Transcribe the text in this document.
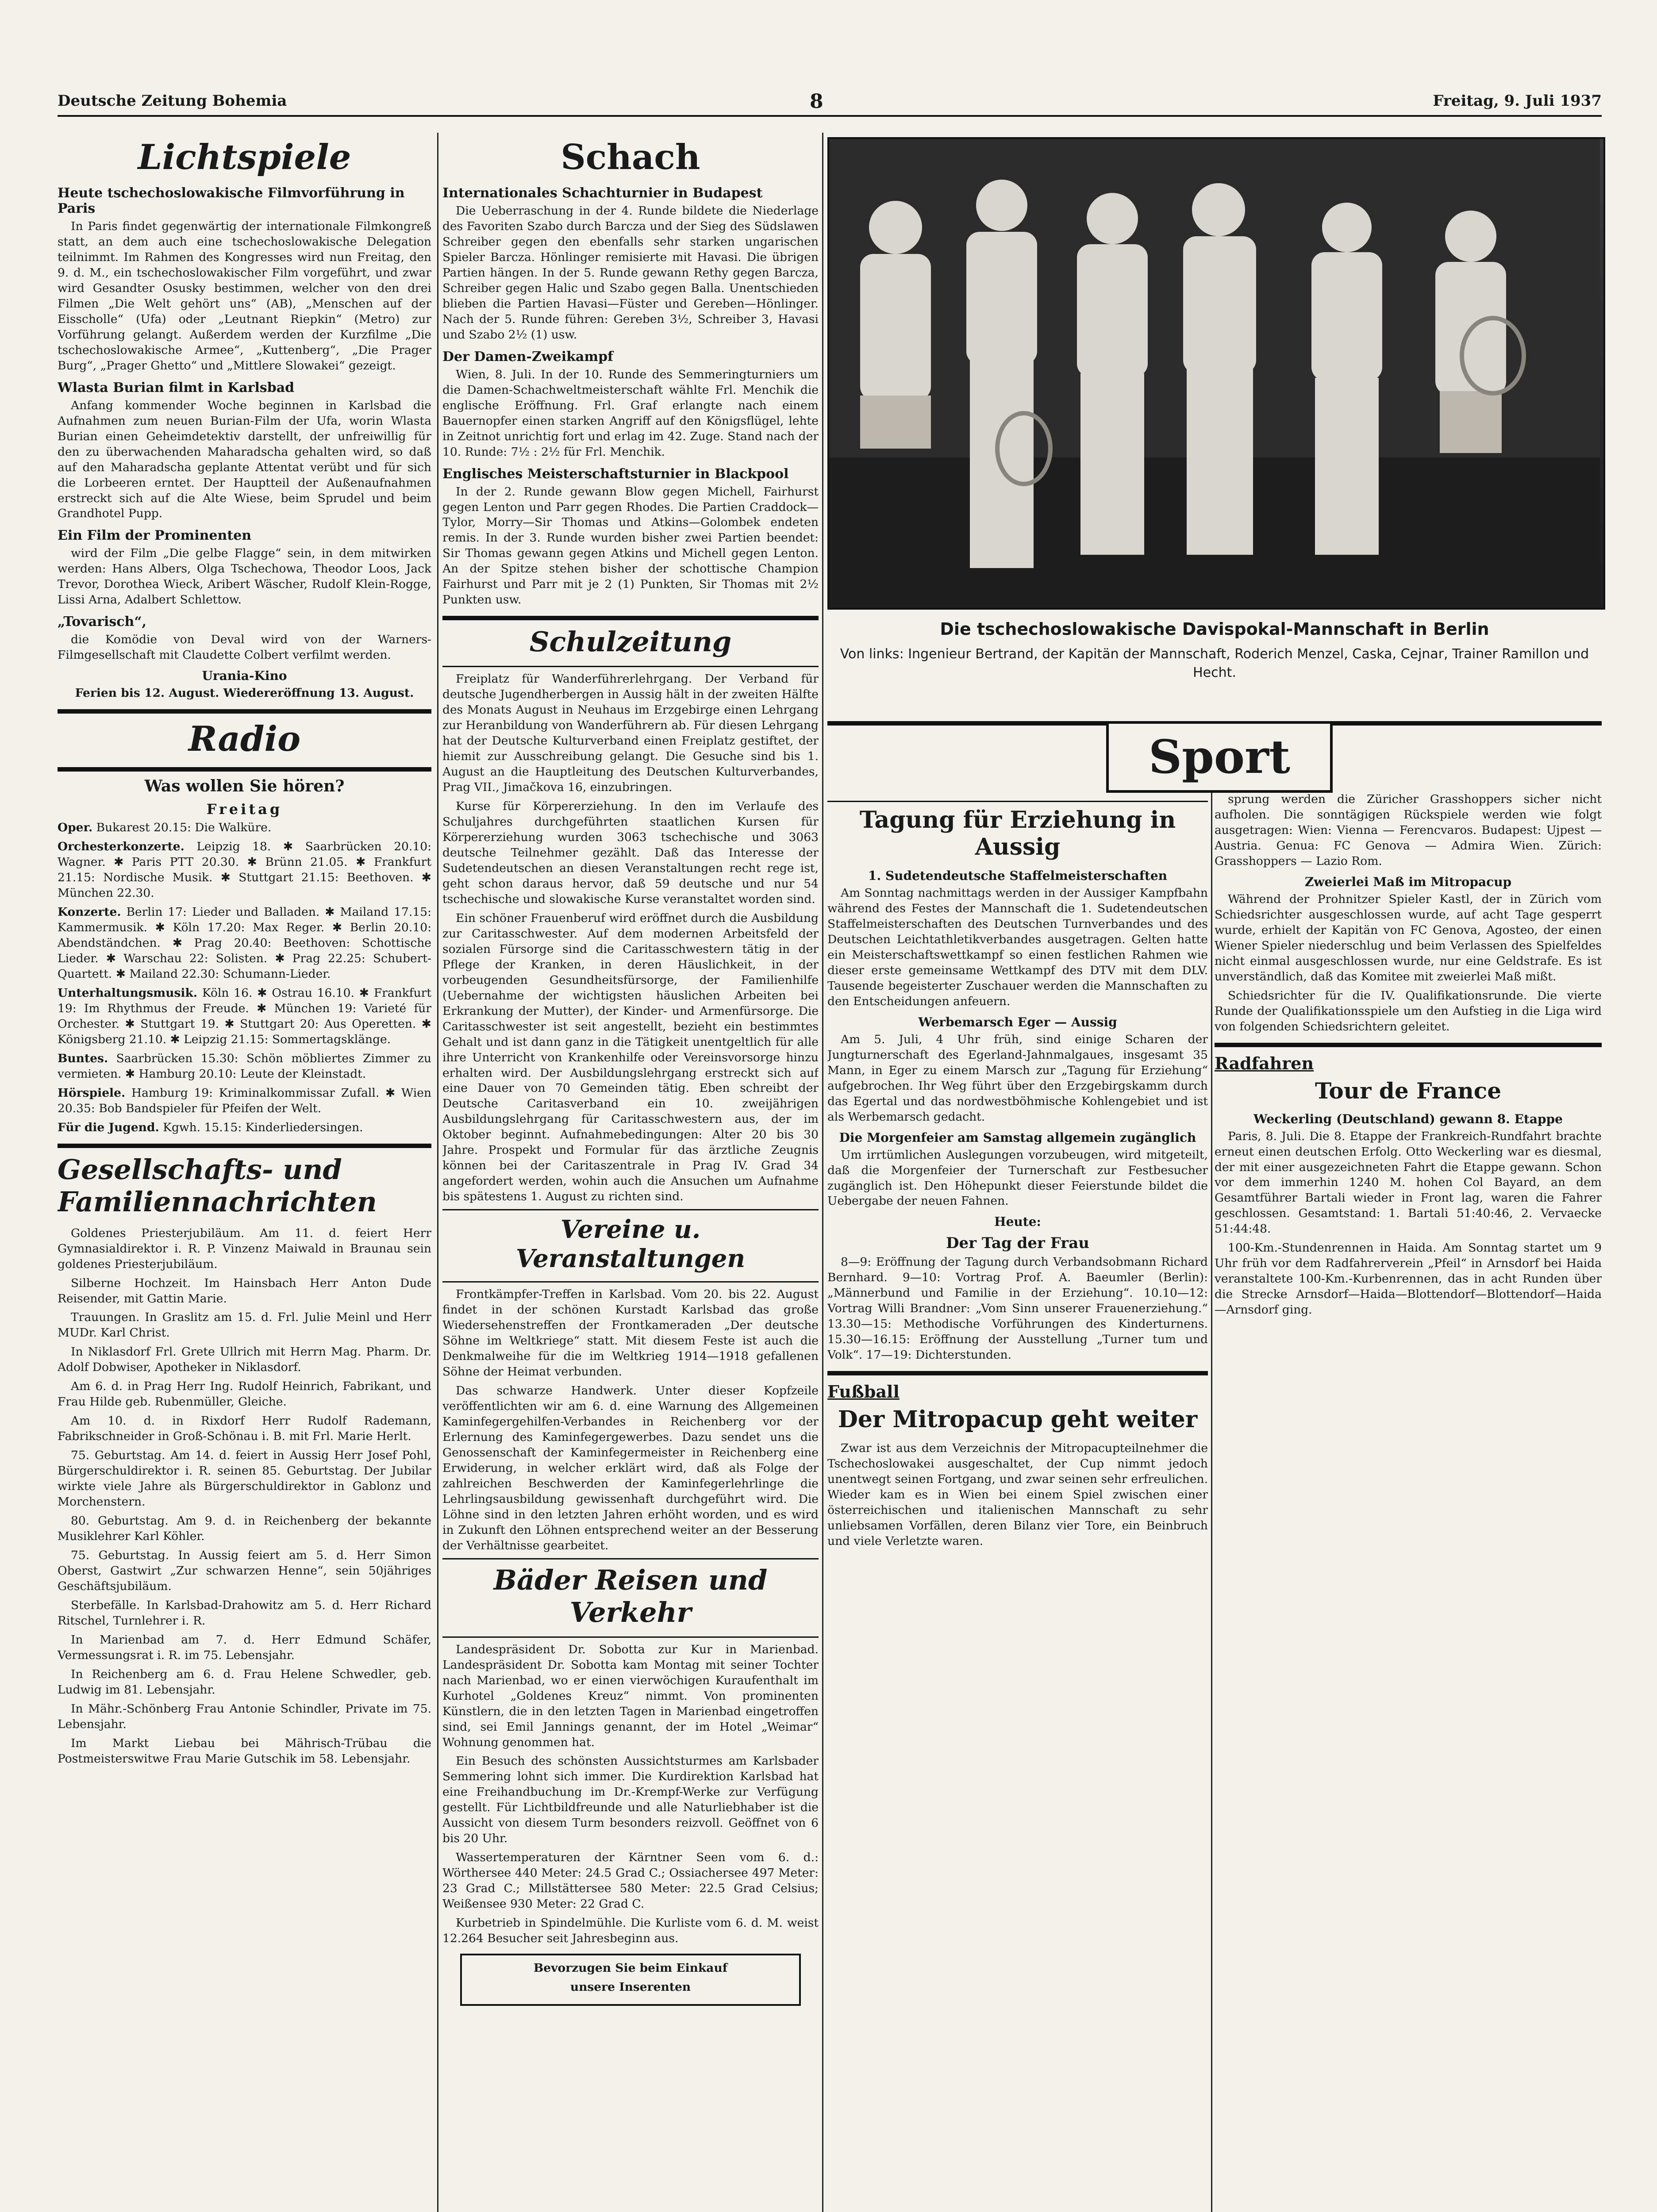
Deutsche Zeitung Bohemia	8	Freitag, 9. Juli 1937
Lichtspiele
Heute tschechoslowakische Filmvorführung in Paris

In Paris findet gegenwärtig der internationale Filmkongreß statt, an dem auch eine tschechoslowakische Delegation teilnimmt. Im Rahmen des Kongresses wird nun Freitag, den 9. d. M., ein tschechoslowakischer Film vorgeführt, und zwar wird Gesandter Osusky bestimmen, welcher von den drei Filmen „Die Welt gehört uns“ (AB), „Menschen auf der Eisscholle“ (Ufa) oder „Leutnant Riepkin“ (Metro) zur Vorführung gelangt. Außerdem werden der Kurzfilme „Die tschechoslowakische Armee“, „Kuttenberg“, „Die Prager Burg“, „Prager Ghetto“ und „Mittlere Slowakei“ gezeigt.

Wlasta Burian filmt in Karlsbad

Anfang kommender Woche beginnen in Karlsbad die Aufnahmen zum neuen Burian-Film der Ufa, worin Wlasta Burian einen Geheimdetektiv darstellt, der unfreiwillig für den zu überwachenden Maharadscha gehalten wird, so daß auf den Maharadscha geplante Attentat verübt und für sich die Lorbeeren erntet. Der Hauptteil der Außenaufnahmen erstreckt sich auf die Alte Wiese, beim Sprudel und beim Grandhotel Pupp.

Ein Film der Prominenten

wird der Film „Die gelbe Flagge“ sein, in dem mitwirken werden: Hans Albers, Olga Tschechowa, Theodor Loos, Jack Trevor, Dorothea Wieck, Aribert Wäscher, Rudolf Klein-Rogge, Lissi Arna, Adalbert Schlettow.

„Tovarisch“,

die Komödie von Deval wird von der Warners-Filmgesellschaft mit Claudette Colbert verfilmt werden.

Urania-Kino

Ferien bis 12. August. Wiedereröffnung 13. August.

Radio
Was wollen Sie hören?
Freitag

Oper. Bukarest 20.15: Die Walküre.

Orchesterkonzerte. Leipzig 18. ✱ Saarbrücken 20.10: Wagner. ✱ Paris PTT 20.30. ✱ Brünn 21.05. ✱ Frankfurt 21.15: Nordische Musik. ✱ Stuttgart 21.15: Beethoven. ✱ München 22.30.

Konzerte. Berlin 17: Lieder und Balladen. ✱ Mailand 17.15: Kammermusik. ✱ Köln 17.20: Max Reger. ✱ Berlin 20.10: Abendständchen. ✱ Prag 20.40: Beethoven: Schottische Lieder. ✱ Warschau 22: Solisten. ✱ Prag 22.25: Schubert-Quartett. ✱ Mailand 22.30: Schumann-Lieder.

Unterhaltungsmusik. Köln 16. ✱ Ostrau 16.10. ✱ Frankfurt 19: Im Rhythmus der Freude. ✱ München 19: Varieté für Orchester. ✱ Stuttgart 19. ✱ Stuttgart 20: Aus Operetten. ✱ Königsberg 21.10. ✱ Leipzig 21.15: Sommertagsklänge.

Buntes. Saarbrücken 15.30: Schön möbliertes Zimmer zu vermieten. ✱ Hamburg 20.10: Leute der Kleinstadt.

Hörspiele. Hamburg 19: Kriminalkommissar Zufall. ✱ Wien 20.35: Bob Bandspieler für Pfeifen der Welt.

Für die Jugend. Kgwh. 15.15: Kinderliedersingen.

Gesellschafts- und Familiennachrichten

Goldenes Priesterjubiläum. Am 11. d. feiert Herr Gymnasialdirektor i. R. P. Vinzenz Maiwald in Braunau sein goldenes Priesterjubiläum.

Silberne Hochzeit. Im Hainsbach Herr Anton Dude Reisender, mit Gattin Marie.

Trauungen. In Graslitz am 15. d. Frl. Julie Meinl und Herr MUDr. Karl Christ.

In Niklasdorf Frl. Grete Ullrich mit Herrn Mag. Pharm. Dr. Adolf Dobwiser, Apotheker in Niklasdorf.

Am 6. d. in Prag Herr Ing. Rudolf Heinrich, Fabrikant, und Frau Hilde geb. Rubenmüller, Gleiche.

Am 10. d. in Rixdorf Herr Rudolf Rademann, Fabrikschneider in Groß-Schönau i. B. mit Frl. Marie Herlt.

75. Geburtstag. Am 14. d. feiert in Aussig Herr Josef Pohl, Bürgerschuldirektor i. R. seinen 85. Geburtstag. Der Jubilar wirkte viele Jahre als Bürgerschuldirektor in Gablonz und Morchenstern.

80. Geburtstag. Am 9. d. in Reichenberg der bekannte Musiklehrer Karl Köhler.

75. Geburtstag. In Aussig feiert am 5. d. Herr Simon Oberst, Gastwirt „Zur schwarzen Henne“, sein 50jähriges Geschäftsjubiläum.

Sterbefälle. In Karlsbad-Drahowitz am 5. d. Herr Richard Ritschel, Turnlehrer i. R.

In Marienbad am 7. d. Herr Edmund Schäfer, Vermessungsrat i. R. im 75. Lebensjahr.

In Reichenberg am 6. d. Frau Helene Schwedler, geb. Ludwig im 81. Lebensjahr.

In Mähr.-Schönberg Frau Antonie Schindler, Private im 75. Lebensjahr.

Im Markt Liebau bei Mährisch-Trübau die Postmeisterswitwe Frau Marie Gutschik im 58. Lebensjahr.

Schach
Internationales Schachturnier in Budapest

Die Ueberraschung in der 4. Runde bildete die Niederlage des Favoriten Szabo durch Barcza und der Sieg des Südslawen Schreiber gegen den ebenfalls sehr starken ungarischen Spieler Barcza. Hönlinger remisierte mit Havasi. Die übrigen Partien hängen. In der 5. Runde gewann Rethy gegen Barcza, Schreiber gegen Halic und Szabo gegen Balla. Unentschieden blieben die Partien Havasi—Füster und Gereben—Hönlinger. Nach der 5. Runde führen: Gereben 3½, Schreiber 3, Havasi und Szabo 2½ (1) usw.

Der Damen-Zweikampf

Wien, 8. Juli. In der 10. Runde des Semmeringturniers um die Damen-Schachweltmeisterschaft wählte Frl. Menchik die englische Eröffnung. Frl. Graf erlangte nach einem Bauernopfer einen starken Angriff auf den Königsflügel, lehte in Zeitnot unrichtig fort und erlag im 42. Zuge. Stand nach der 10. Runde: 7½ : 2½ für Frl. Menchik.

Englisches Meisterschaftsturnier in Blackpool

In der 2. Runde gewann Blow gegen Michell, Fairhurst gegen Lenton und Parr gegen Rhodes. Die Partien Craddock—Tylor, Morry—Sir Thomas und Atkins—Golombek endeten remis. In der 3. Runde wurden bisher zwei Partien beendet: Sir Thomas gewann gegen Atkins und Michell gegen Lenton. An der Spitze stehen bisher der schottische Champion Fairhurst und Parr mit je 2 (1) Punkten, Sir Thomas mit 2½ Punkten usw.

Schulzeitung

Freiplatz für Wanderführerlehrgang. Der Verband für deutsche Jugendherbergen in Aussig hält in der zweiten Hälfte des Monats August in Neuhaus im Erzgebirge einen Lehrgang zur Heranbildung von Wanderführern ab. Für diesen Lehrgang hat der Deutsche Kulturverband einen Freiplatz gestiftet, der hiemit zur Ausschreibung gelangt. Die Gesuche sind bis 1. August an die Hauptleitung des Deutschen Kulturverbandes, Prag VII., Jimačkova 16, einzubringen.

Kurse für Körpererziehung. In den im Verlaufe des Schuljahres durchgeführten staatlichen Kursen für Körpererziehung wurden 3063 tschechische und 3063 deutsche Teilnehmer gezählt. Daß das Interesse der Sudetendeutschen an diesen Veranstaltungen recht rege ist, geht schon daraus hervor, daß 59 deutsche und nur 54 tschechische und slowakische Kurse veranstaltet worden sind.

Ein schöner Frauenberuf wird eröffnet durch die Ausbildung zur Caritasschwester. Auf dem modernen Arbeitsfeld der sozialen Fürsorge sind die Caritasschwestern tätig in der Pflege der Kranken, in deren Häuslichkeit, in der vorbeugenden Gesundheitsfürsorge, der Familienhilfe (Uebernahme der wichtigsten häuslichen Arbeiten bei Erkrankung der Mutter), der Kinder- und Armenfürsorge. Die Caritasschwester ist seit angestellt, bezieht ein bestimmtes Gehalt und ist dann ganz in die Tätigkeit unentgeltlich für alle ihre Unterricht von Krankenhilfe oder Vereinsvorsorge hinzu erhalten wird. Der Ausbildungslehrgang erstreckt sich auf eine Dauer von 70 Gemeinden tätig. Eben schreibt der Deutsche Caritasverband ein 10. zweijährigen Ausbildungslehrgang für Caritasschwestern aus, der im Oktober beginnt. Aufnahmebedingungen: Alter 20 bis 30 Jahre. Prospekt und Formular für das ärztliche Zeugnis können bei der Caritaszentrale in Prag IV. Grad 34 angefordert werden, wohin auch die Ansuchen um Aufnahme bis spätestens 1. August zu richten sind.

Vereine u. Veranstaltungen

Frontkämpfer-Treffen in Karlsbad. Vom 20. bis 22. August findet in der schönen Kurstadt Karlsbad das große Wiedersehenstreffen der Frontkameraden „Der deutsche Söhne im Weltkriege“ statt. Mit diesem Feste ist auch die Denkmalweihe für die im Weltkrieg 1914—1918 gefallenen Söhne der Heimat verbunden.

Das schwarze Handwerk. Unter dieser Kopfzeile veröffentlichten wir am 6. d. eine Warnung des Allgemeinen Kaminfegergehilfen-Verbandes in Reichenberg vor der Erlernung des Kaminfegergewerbes. Dazu sendet uns die Genossenschaft der Kaminfegermeister in Reichenberg eine Erwiderung, in welcher erklärt wird, daß als Folge der zahlreichen Beschwerden der Kaminfegerlehrlinge die Lehrlingsausbildung gewissenhaft durchgeführt wird. Die Löhne sind in den letzten Jahren erhöht worden, und es wird in Zukunft den Löhnen entsprechend weiter an der Besserung der Verhältnisse gearbeitet.

Bäder Reisen und Verkehr

Landespräsident Dr. Sobotta zur Kur in Marienbad. Landespräsident Dr. Sobotta kam Montag mit seiner Tochter nach Marienbad, wo er einen vierwöchigen Kuraufenthalt im Kurhotel „Goldenes Kreuz“ nimmt. Von prominenten Künstlern, die in den letzten Tagen in Marienbad eingetroffen sind, sei Emil Jannings genannt, der im Hotel „Weimar“ Wohnung genommen hat.

Ein Besuch des schönsten Aussichtsturmes am Karlsbader Semmering lohnt sich immer. Die Kurdirektion Karlsbad hat eine Freihandbuchung im Dr.-Krempf-Werke zur Verfügung gestellt. Für Lichtbildfreunde und alle Naturliebhaber ist die Aussicht von diesem Turm besonders reizvoll. Geöffnet von 6 bis 20 Uhr.

Wassertemperaturen der Kärntner Seen vom 6. d.: Wörthersee 440 Meter: 24.5 Grad C.; Ossiachersee 497 Meter: 23 Grad C.; Millstättersee 580 Meter: 22.5 Grad Celsius; Weißensee 930 Meter: 22 Grad C.

Kurbetrieb in Spindelmühle. Die Kurliste vom 6. d. M. weist 12.264 Besucher seit Jahresbeginn aus.

Bevorzugen Sie beim Einkauf

unsere Inserenten

Die tschechoslowakische Davispokal-Mannschaft in Berlin
Von links: Ingenieur Bertrand, der Kapitän der Mannschaft, Roderich Menzel, Caska, Cejnar, Trainer Ramillon und Hecht.
Sport
Tagung für Erziehung in Aussig
1. Sudetendeutsche Staffelmeisterschaften

Am Sonntag nachmittags werden in der Aussiger Kampfbahn während des Festes der Mannschaft die 1. Sudetendeutschen Staffelmeisterschaften des Deutschen Turnverbandes und des Deutschen Leichtathletikverbandes ausgetragen. Gelten hatte ein Meisterschaftswettkampf so einen festlichen Rahmen wie dieser erste gemeinsame Wettkampf des DTV mit dem DLV. Tausende begeisterter Zuschauer werden die Mannschaften zu den Entscheidungen anfeuern.

Werbemarsch Eger — Aussig

Am 5. Juli, 4 Uhr früh, sind einige Scharen der Jungturnerschaft des Egerland-Jahnmalgaues, insgesamt 35 Mann, in Eger zu einem Marsch zur „Tagung für Erziehung“ aufgebrochen. Ihr Weg führt über den Erzgebirgskamm durch das Egertal und das nordwestböhmische Kohlengebiet und ist als Werbemarsch gedacht.

Die Morgenfeier am Samstag allgemein zugänglich

Um irrtümlichen Auslegungen vorzubeugen, wird mitgeteilt, daß die Morgenfeier der Turnerschaft zur Festbesucher zugänglich ist. Den Höhepunkt dieser Feierstunde bildet die Uebergabe der neuen Fahnen.

Heute:
Der Tag der Frau

8—9: Eröffnung der Tagung durch Verbandsobmann Richard Bernhard. 9—10: Vortrag Prof. A. Baeumler (Berlin): „Männerbund und Familie in der Erziehung“. 10.10—12: Vortrag Willi Brandner: „Vom Sinn unserer Frauenerziehung.“ 13.30—15: Methodische Vorführungen des Kinderturnens. 15.30—16.15: Eröffnung der Ausstellung „Turner tum und Volk“. 17—19: Dichterstunden.

Fußball
Der Mitropacup geht weiter

Zwar ist aus dem Verzeichnis der Mitropacupteilnehmer die Tschechoslowakei ausgeschaltet, der Cup nimmt jedoch unentwegt seinen Fortgang, und zwar seinen sehr erfreulichen. Wieder kam es in Wien bei einem Spiel zwischen einer österreichischen und italienischen Mannschaft zu sehr unliebsamen Vorfällen, deren Bilanz vier Tore, ein Beinbruch und viele Verletzte waren.

sprung werden die Züricher Grasshoppers sicher nicht aufholen. Die sonntägigen Rückspiele werden wie folgt ausgetragen: Wien: Vienna — Ferencvaros. Budapest: Ujpest — Austria. Genua: FC Genova — Admira Wien. Zürich: Grasshoppers — Lazio Rom.

Zweierlei Maß im Mitropacup

Während der Prohnitzer Spieler Kastl, der in Zürich vom Schiedsrichter ausgeschlossen wurde, auf acht Tage gesperrt wurde, erhielt der Kapitän von FC Genova, Agosteo, der einen Wiener Spieler niederschlug und beim Verlassen des Spielfeldes nicht einmal ausgeschlossen wurde, nur eine Geldstrafe. Es ist unverständlich, daß das Komitee mit zweierlei Maß mißt.

Schiedsrichter für die IV. Qualifikationsrunde. Die vierte Runde der Qualifikationsspiele um den Aufstieg in die Liga wird von folgenden Schiedsrichtern geleitet.

Radfahren
Tour de France
Weckerling (Deutschland) gewann 8. Etappe

Paris, 8. Juli. Die 8. Etappe der Frankreich-Rundfahrt brachte erneut einen deutschen Erfolg. Otto Weckerling war es diesmal, der mit einer ausgezeichneten Fahrt die Etappe gewann. Schon vor dem immerhin 1240 M. hohen Col Bayard, an dem Gesamtführer Bartali wieder in Front lag, waren die Fahrer geschlossen. Gesamtstand: 1. Bartali 51:40:46, 2. Vervaecke 51:44:48.

100-Km.-Stundenrennen in Haida. Am Sonntag startet um 9 Uhr früh vor dem Radfahrerverein „Pfeil“ in Arnsdorf bei Haida veranstaltete 100-Km.-Kurbenrennen, das in acht Runden über die Strecke Arnsdorf—Haida—Blottendorf—Blottendorf—Haida—Arnsdorf ging.
